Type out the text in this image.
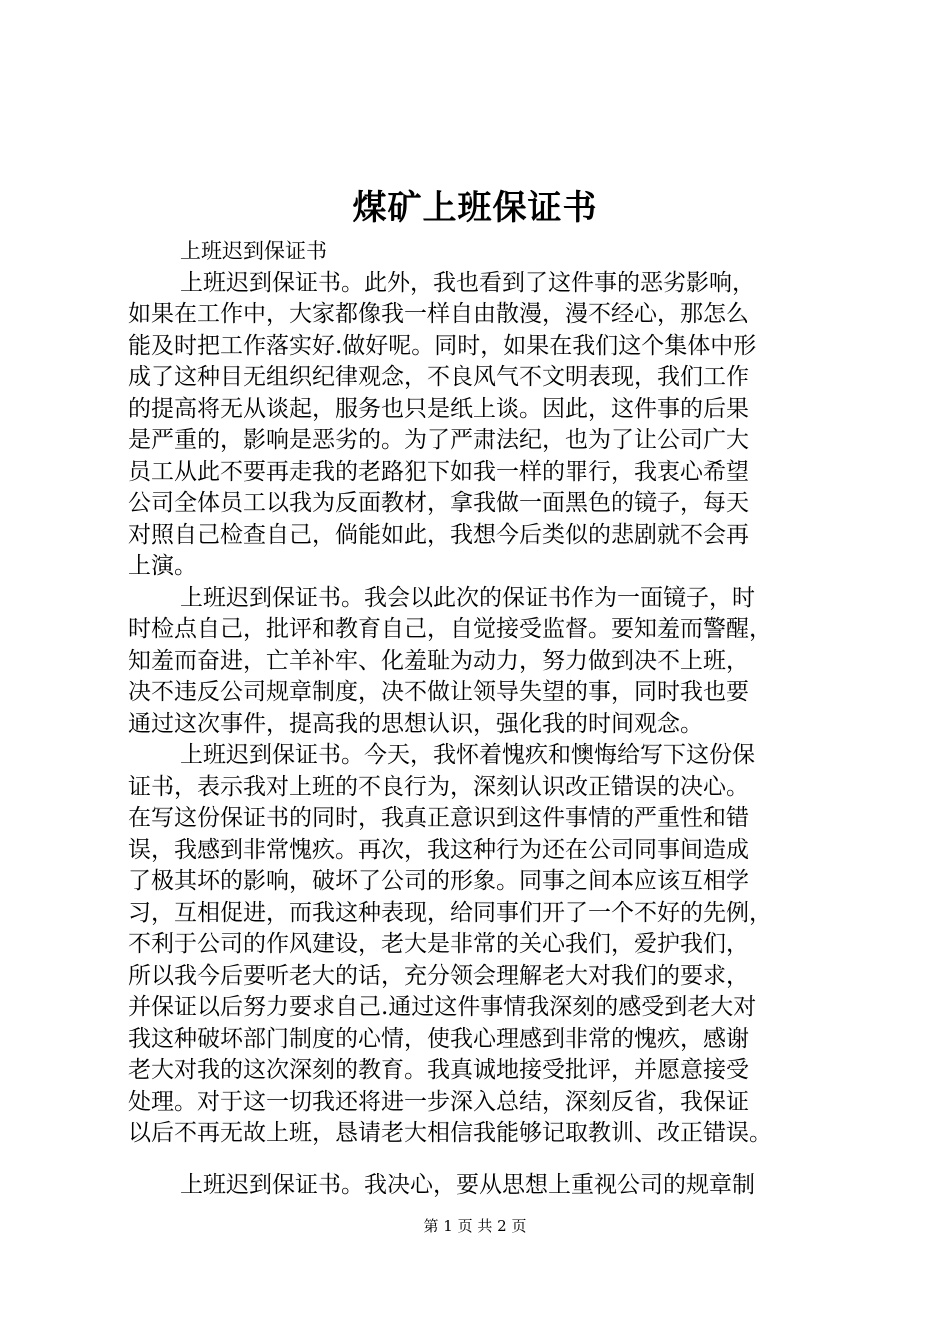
煤矿上班保证书
上班迟到保证书
上班迟到保证书。此外，我也看到了这件事的恶劣影响，
如果在工作中，大家都像我一样自由散漫，漫不经心，那怎么
能及时把工作落实好.做好呢。同时，如果在我们这个集体中形
成了这种目无组织纪律观念，不良风气不文明表现，我们工作
的提高将无从谈起，服务也只是纸上谈。因此，这件事的后果
是严重的，影响是恶劣的。为了严肃法纪，也为了让公司广大
员工从此不要再走我的老路犯下如我一样的罪行，我衷心希望
公司全体员工以我为反面教材，拿我做一面黑色的镜子，每天
对照自己检查自己，倘能如此，我想今后类似的悲剧就不会再
上演。
上班迟到保证书。我会以此次的保证书作为一面镜子，时
时检点自己，批评和教育自己，自觉接受监督。要知羞而警醒，
知羞而奋进，亡羊补牢、化羞耻为动力，努力做到决不上班，
决不违反公司规章制度，决不做让领导失望的事，同时我也要
通过这次事件，提高我的思想认识，强化我的时间观念。
上班迟到保证书。今天，我怀着愧疚和懊悔给写下这份保
证书，表示我对上班的不良行为，深刻认识改正错误的决心。
在写这份保证书的同时，我真正意识到这件事情的严重性和错
误，我感到非常愧疚。再次，我这种行为还在公司同事间造成
了极其坏的影响，破坏了公司的形象。同事之间本应该互相学
习，互相促进，而我这种表现，给同事们开了一个不好的先例，
不利于公司的作风建设，老大是非常的关心我们，爱护我们，
所以我今后要听老大的话，充分领会理解老大对我们的要求，
并保证以后努力要求自己.通过这件事情我深刻的感受到老大对
我这种破坏部门制度的心情，使我心理感到非常的愧疚，感谢
老大对我的这次深刻的教育。我真诚地接受批评，并愿意接受
处理。对于这一切我还将进一步深入总结，深刻反省，我保证
以后不再无故上班，恳请老大相信我能够记取教训、改正错误。
上班迟到保证书。我决心，要从思想上重视公司的规章制
第 1 页 共 2 页
